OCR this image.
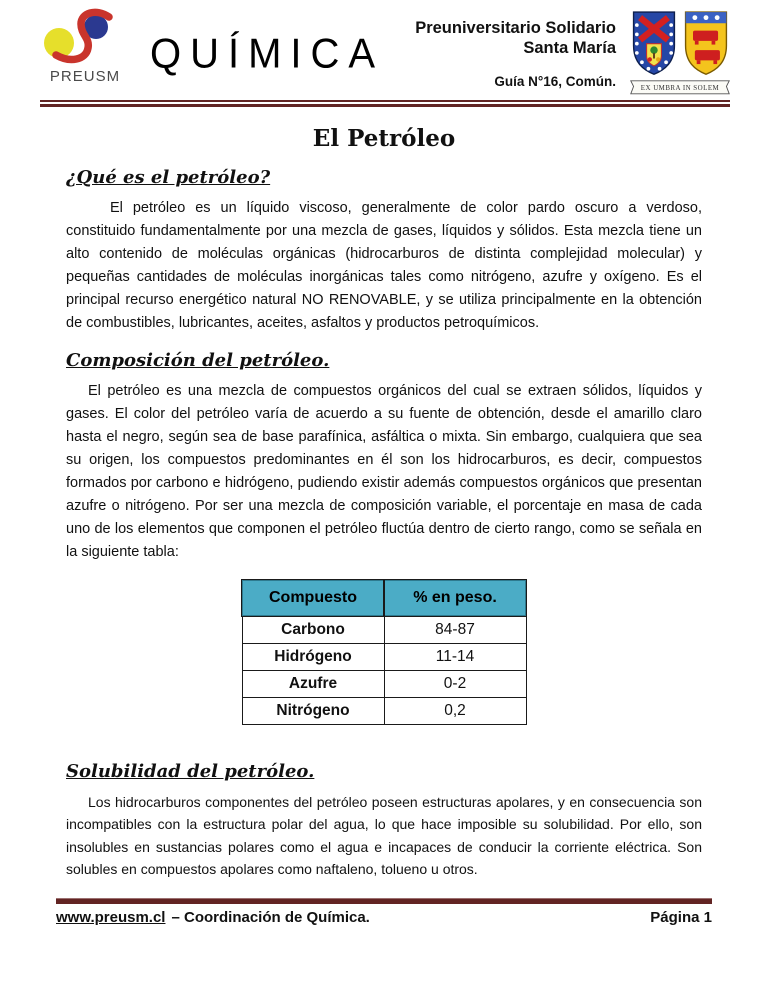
PREUSM QUÍMICA
Preuniversitario Solidario
Santa María
Guía N°16, Común.	EX UMBRA IN SOLEM
El Petróleo
¿Qué es el petróleo?

El petróleo es un líquido viscoso, generalmente de color pardo oscuro a verdoso, constituido fundamentalmente por una mezcla de gases, líquidos y sólidos. Esta mezcla tiene un alto contenido de moléculas orgánicas (hidrocarburos de distinta complejidad molecular) y pequeñas cantidades de moléculas inorgánicas tales como nitrógeno, azufre y oxígeno. Es el principal recurso energético natural NO RENOVABLE, y se utiliza principalmente en la obtención de combustibles, lubricantes, aceites, asfaltos y productos petroquímicos.

Composición del petróleo.

El petróleo es una mezcla de compuestos orgánicos del cual se extraen sólidos, líquidos y gases. El color del petróleo varía de acuerdo a su fuente de obtención, desde el amarillo claro hasta el negro, según sea de base parafínica, asfáltica o mixta. Sin embargo, cualquiera que sea su origen, los compuestos predominantes en él son los hidrocarburos, es decir, compuestos formados por carbono e hidrógeno, pudiendo existir además compuestos orgánicos que presentan azufre o nitrógeno. Por ser una mezcla de composición variable, el porcentaje en masa de cada uno de los elementos que componen el petróleo fluctúa dentro de cierto rango, como se señala en la siguiente tabla:

Compuesto	% en peso.
Carbono	84-87
Hidrógeno	11-14
Azufre	0-2
Nitrógeno	0,2
Solubilidad del petróleo.

Los hidrocarburos componentes del petróleo poseen estructuras apolares, y en consecuencia son incompatibles con la estructura polar del agua, lo que hace imposible su solubilidad. Por ello, son insolubles en sustancias polares como el agua e incapaces de conducir la corriente eléctrica. Son solubles en compuestos apolares como naftaleno, tolueno u otros.

www.preusm.cl – Coordinación de Química.	Página 1
